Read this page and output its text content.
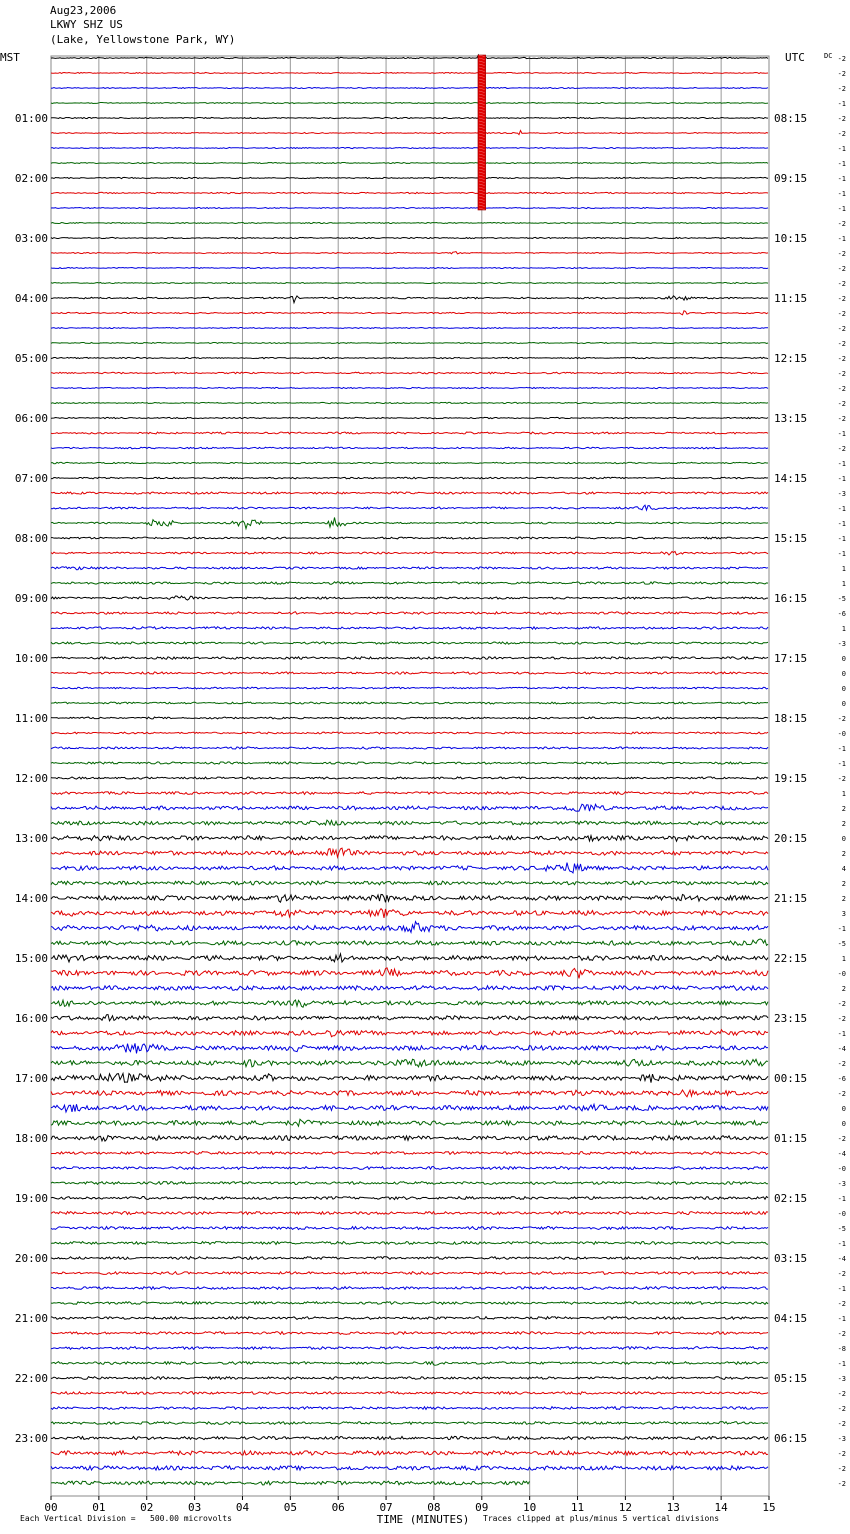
MST	UTC	DC
01:00
02:00
03:00
04:00
05:00
06:00
07:00
08:00
09:00
10:00
11:00
12:00
13:00
14:00
15:00
16:00
17:00
18:00
19:00
20:00
21:00
22:00
23:00
08:15
09:15
10:15
11:15
12:15
13:15
14:15
15:15
16:15
17:15
18:15
19:15
20:15
21:15
22:15
23:15
00:15
01:15
02:15
03:15
04:15
05:15
06:15
-2
-2
-2
-1
-2
-2
-1
-1
-1
-1
-1
-2
-1
-2
-2
-2
-2
-2
-2
-2
-2
-2
-2
-2
-2
-1
-2
-1
-1
-3
-1
-1
-1
-1
1
1
-5
-6
1
-3
0
0
0
0
-2
-0
-1
-1
-2
1
2
2
0
2
4
2
2
3
-1
-5
1
-0
2
-2
-2
-1
-4
-2
-6
-2
0
0
-2
-4
-0
-3
-1
-0
-5
-1
-4
-2
-1
-2
-1
-2
-8
-1
-3
-2
-2
-2
-3
-2
-2
-2
00	01	02	03	04	05	06	07	08	09	10	11	12	13	14	15
TIME (MINUTES)

Aug23,2006

LKWY SHZ US

(Lake, Yellowstone Park, WY)

Each Vertical Division = 500.00 microvolts	Traces clipped at plus/minus 5 vertical divisions
